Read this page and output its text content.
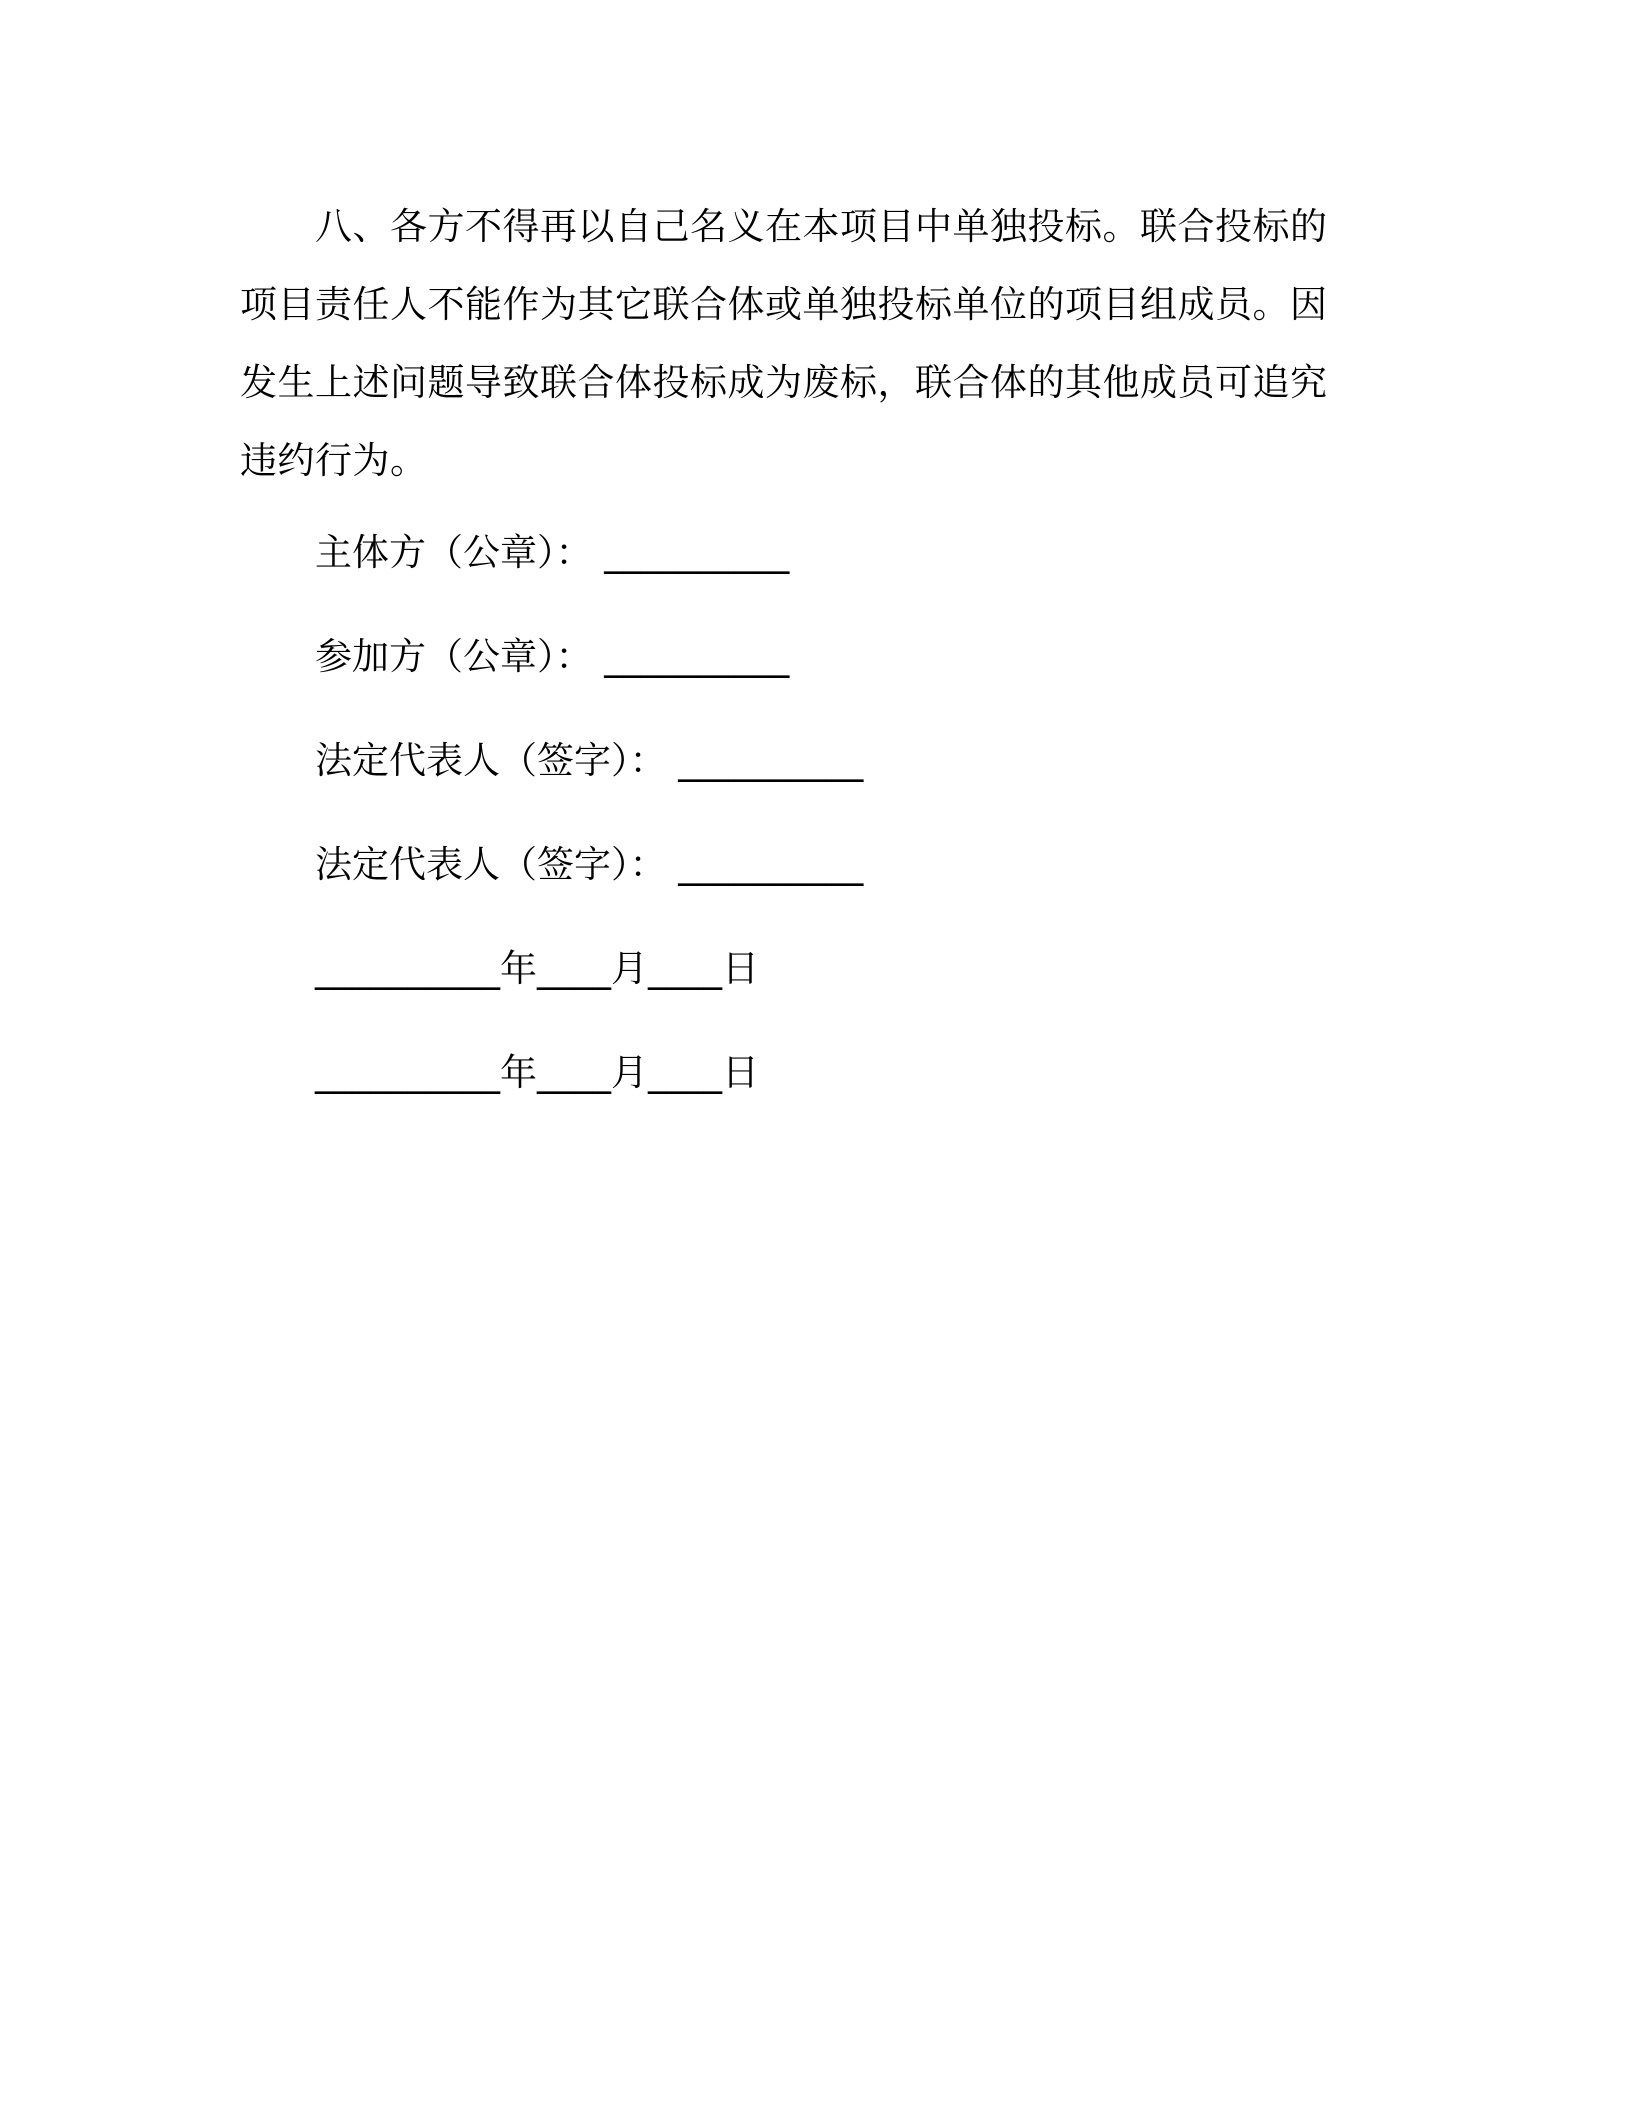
八、各方不得再以自己名义在本项目中单独投标。联合投标的项目责任人不能作为其它联合体或单独投标单位的项目组成员。因发生上述问题导致联合体投标成为废标，联合体的其他成员可追究违约行为。

主体方（公章）： __________

参加方（公章）： __________

法定代表人（签字）： __________

法定代表人（签字）： __________

__________年____月____日

__________年____月____日
